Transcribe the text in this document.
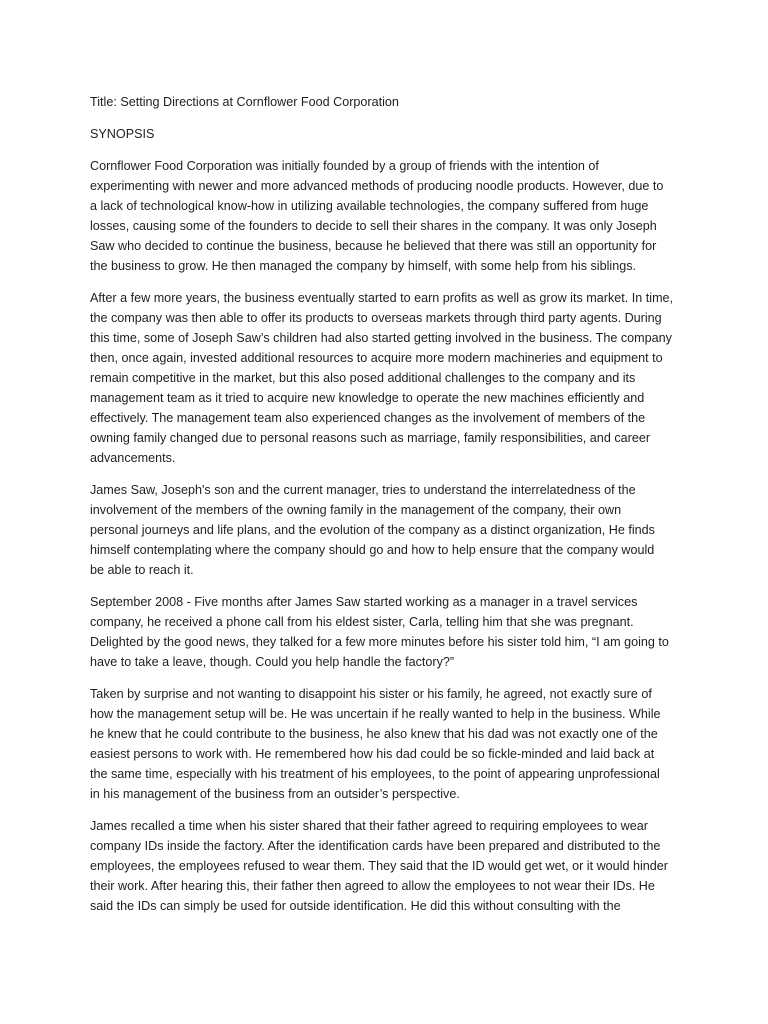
Title: Setting Directions at Cornflower Food Corporation

SYNOPSIS

Cornflower Food Corporation was initially founded by a group of friends with the intention of

experimenting with newer and more advanced methods of producing noodle products. However, due to

a lack of technological know-how in utilizing available technologies, the company suffered from huge

losses, causing some of the founders to decide to sell their shares in the company. It was only Joseph

Saw who decided to continue the business, because he believed that there was still an opportunity for

the business to grow. He then managed the company by himself, with some help from his siblings.

After a few more years, the business eventually started to earn profits as well as grow its market. In time,

the company was then able to offer its products to overseas markets through third party agents. During

this time, some of Joseph Saw’s children had also started getting involved in the business. The company

then, once again, invested additional resources to acquire more modern machineries and equipment to

remain competitive in the market, but this also posed additional challenges to the company and its

management team as it tried to acquire new knowledge to operate the new machines efficiently and

effectively. The management team also experienced changes as the involvement of members of the

owning family changed due to personal reasons such as marriage, family responsibilities, and career

advancements.

James Saw, Joseph's son and the current manager, tries to understand the interrelatedness of the

involvement of the members of the owning family in the management of the company, their own

personal journeys and life plans, and the evolution of the company as a distinct organization, He finds

himself contemplating where the company should go and how to help ensure that the company would

be able to reach it.

September 2008 - Five months after James Saw started working as a manager in a travel services

company, he received a phone call from his eldest sister, Carla, telling him that she was pregnant.

Delighted by the good news, they talked for a few more minutes before his sister told him, “I am going to

have to take a leave, though. Could you help handle the factory?”

Taken by surprise and not wanting to disappoint his sister or his family, he agreed, not exactly sure of

how the management setup will be. He was uncertain if he really wanted to help in the business. While

he knew that he could contribute to the business, he also knew that his dad was not exactly one of the

easiest persons to work with. He remembered how his dad could be so fickle-minded and laid back at

the same time, especially with his treatment of his employees, to the point of appearing unprofessional

in his management of the business from an outsider’s perspective.

James recalled a time when his sister shared that their father agreed to requiring employees to wear

company IDs inside the factory. After the identification cards have been prepared and distributed to the

employees, the employees refused to wear them. They said that the ID would get wet, or it would hinder

their work. After hearing this, their father then agreed to allow the employees to not wear their IDs. He

said the IDs can simply be used for outside identification. He did this without consulting with the
